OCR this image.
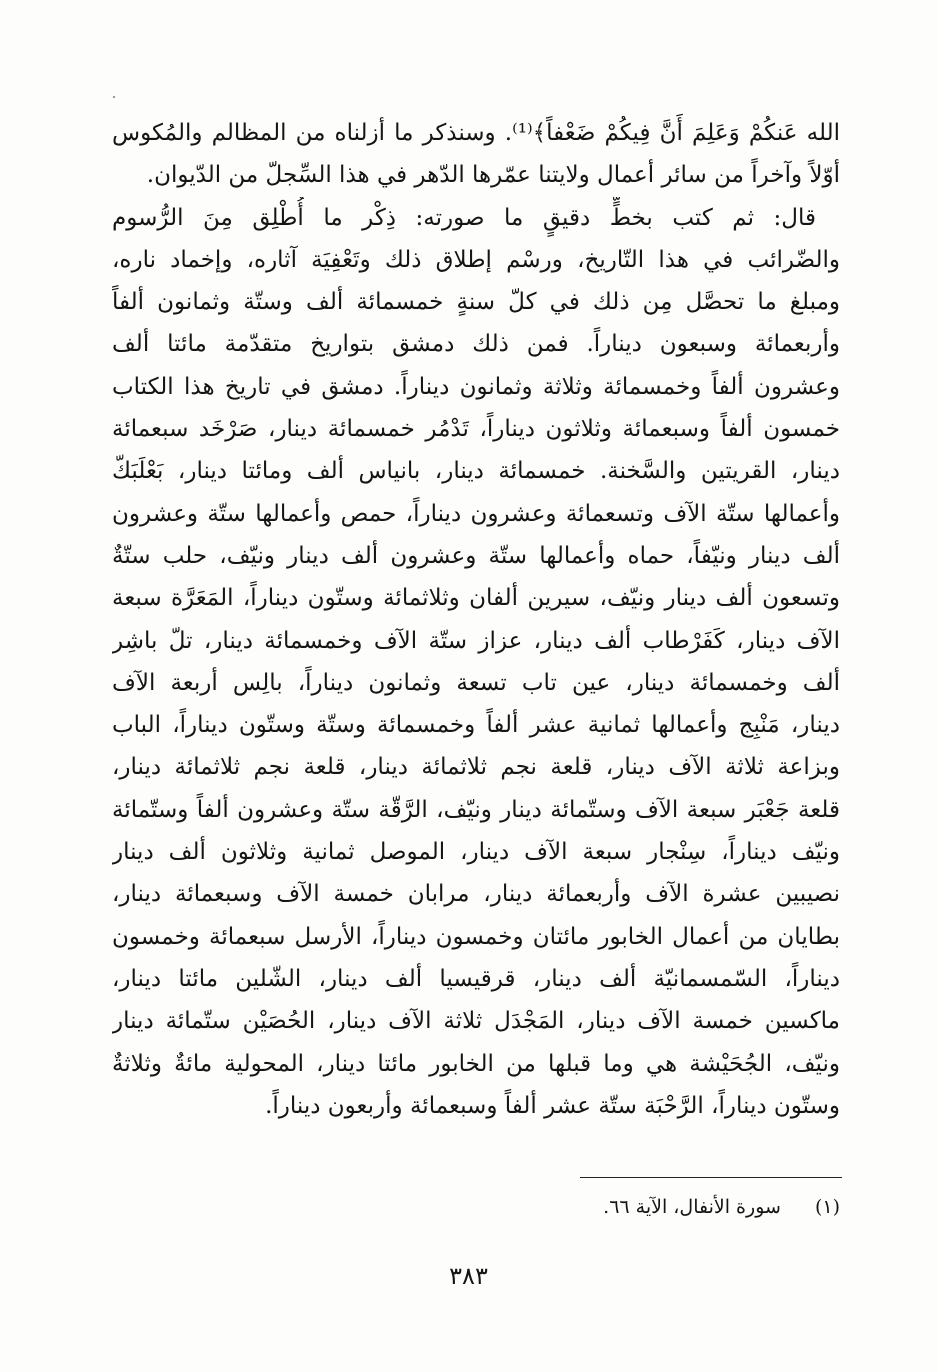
الله عَنكُمْ وَعَلِمَ أَنَّ فِيكُمْ ضَعْفاً﴾⁽¹⁾. وسنذكر ما أزلناه من المظالم والمُكوس
أوّلاً وآخراً من سائر أعمال ولايتنا عمّرها الدّهر في هذا السِّجلّ من الدّيوان.
قال: ثم كتب بخطٍّ دقيقٍ ما صورته: ذِكْر ما أُطْلِق مِنَ الرُّسوم
والضّرائب في هذا التّاريخ، ورسْم إطلاق ذلك وتَعْفِيَة آثاره، وإخماد ناره،
ومبلغ ما تحصَّل مِن ذلك في كلّ سنةٍ خمسمائة ألف وستّة وثمانون ألفاً
وأربعمائة وسبعون ديناراً. فمن ذلك دمشق بتواريخ متقدّمة مائتا ألف
وعشرون ألفاً وخمسمائة وثلاثة وثمانون ديناراً. دمشق في تاريخ هذا الكتاب
خمسون ألفاً وسبعمائة وثلاثون ديناراً، تَدْمُر خمسمائة دينار، صَرْخَد سبعمائة
دينار، القريتين والسَّخنة. خمسمائة دينار، بانياس ألف ومائتا دينار، بَعْلَبَكّ
وأعمالها ستّة الآف وتسعمائة وعشرون ديناراً، حمص وأعمالها ستّة وعشرون
ألف دينار ونيّفاً، حماه وأعمالها ستّة وعشرون ألف دينار ونيّف، حلب ستّةٌ
وتسعون ألف دينار ونيّف، سيرين ألفان وثلاثمائة وستّون ديناراً، المَعَرَّة سبعة
الآف دينار، كَفَرْطاب ألف دينار، عزاز ستّة الآف وخمسمائة دينار، تلّ باشِر
ألف وخمسمائة دينار، عين تاب تسعة وثمانون ديناراً، بالِس أربعة الآف
دينار، مَنْبِج وأعمالها ثمانية عشر ألفاً وخمسمائة وستّة وستّون ديناراً، الباب
وبزاعة ثلاثة الآف دينار، قلعة نجم ثلاثمائة دينار، قلعة نجم ثلاثمائة دينار،
قلعة جَعْبَر سبعة الآف وستّمائة دينار ونيّف، الرَّقّة ستّة وعشرون ألفاً وستّمائة
ونيّف ديناراً، سِنْجار سبعة الآف دينار، الموصل ثمانية وثلاثون ألف دينار
نصيبين عشرة الآف وأربعمائة دينار، مرابان خمسة الآف وسبعمائة دينار،
بطايان من أعمال الخابور مائتان وخمسون ديناراً، الأرسل سبعمائة وخمسون
ديناراً، السّمسمانيّة ألف دينار، قرقيسيا ألف دينار، الشّلين مائتا دينار،
ماكسين خمسة الآف دينار، المَجْدَل ثلاثة الآف دينار، الحُصَيْن ستّمائة دينار
ونيّف، الجُحَيْشة هي وما قبلها من الخابور مائتا دينار، المحولية مائةٌ وثلاثةٌ
وستّون ديناراً، الرَّحْبَة ستّة عشر ألفاً وسبعمائة وأربعون ديناراً.
(١)سورة الأنفال، الآية ٦٦.
٣٨٣
